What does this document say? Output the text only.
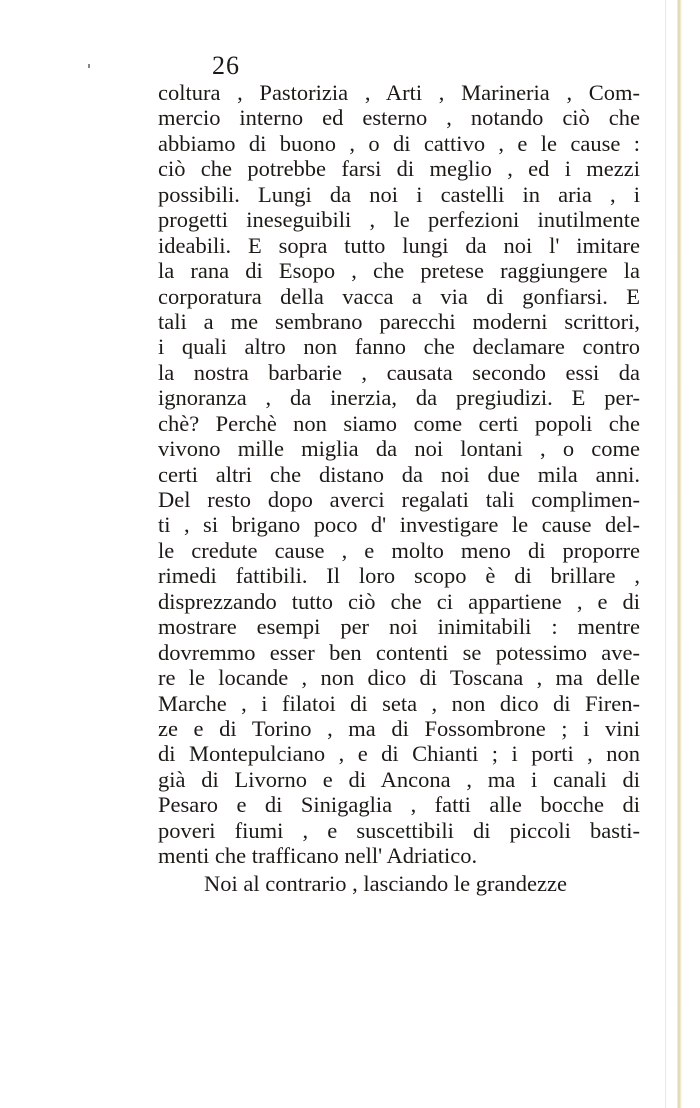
26
coltura , Pastorizia , Arti , Marineria , Com-
mercio interno ed esterno , notando ciò che
abbiamo di buono , o di cattivo , e le cause :
ciò che potrebbe farsi di meglio , ed i mezzi
possibili. Lungi da noi i castelli in aria , i
progetti ineseguibili , le perfezioni inutilmente
ideabili. E sopra tutto lungi da noi l' imitare
la rana di Esopo , che pretese raggiungere la
corporatura della vacca a via di gonfiarsi. E
tali a me sembrano parecchi moderni scrittori,
i quali altro non fanno che declamare contro
la nostra barbarie , causata secondo essi da
ignoranza , da inerzia, da pregiudizi. E per-
chè? Perchè non siamo come certi popoli che
vivono mille miglia da noi lontani , o come
certi altri che distano da noi due mila anni.
Del resto dopo averci regalati tali complimen-
ti , si brigano poco d' investigare le cause del-
le credute cause , e molto meno di proporre
rimedi fattibili. Il loro scopo è di brillare ,
disprezzando tutto ciò che ci appartiene , e di
mostrare esempi per noi inimitabili : mentre
dovremmo esser ben contenti se potessimo ave-
re le locande , non dico di Toscana , ma delle
Marche , i filatoi di seta , non dico di Firen-
ze e di Torino , ma di Fossombrone ; i vini
di Montepulciano , e di Chianti ; i porti , non
già di Livorno e di Ancona , ma i canali di
Pesaro e di Sinigaglia , fatti alle bocche di
poveri fiumi , e suscettibili di piccoli basti-
menti che trafficano nell' Adriatico.
Noi al contrario , lasciando le grandezze
